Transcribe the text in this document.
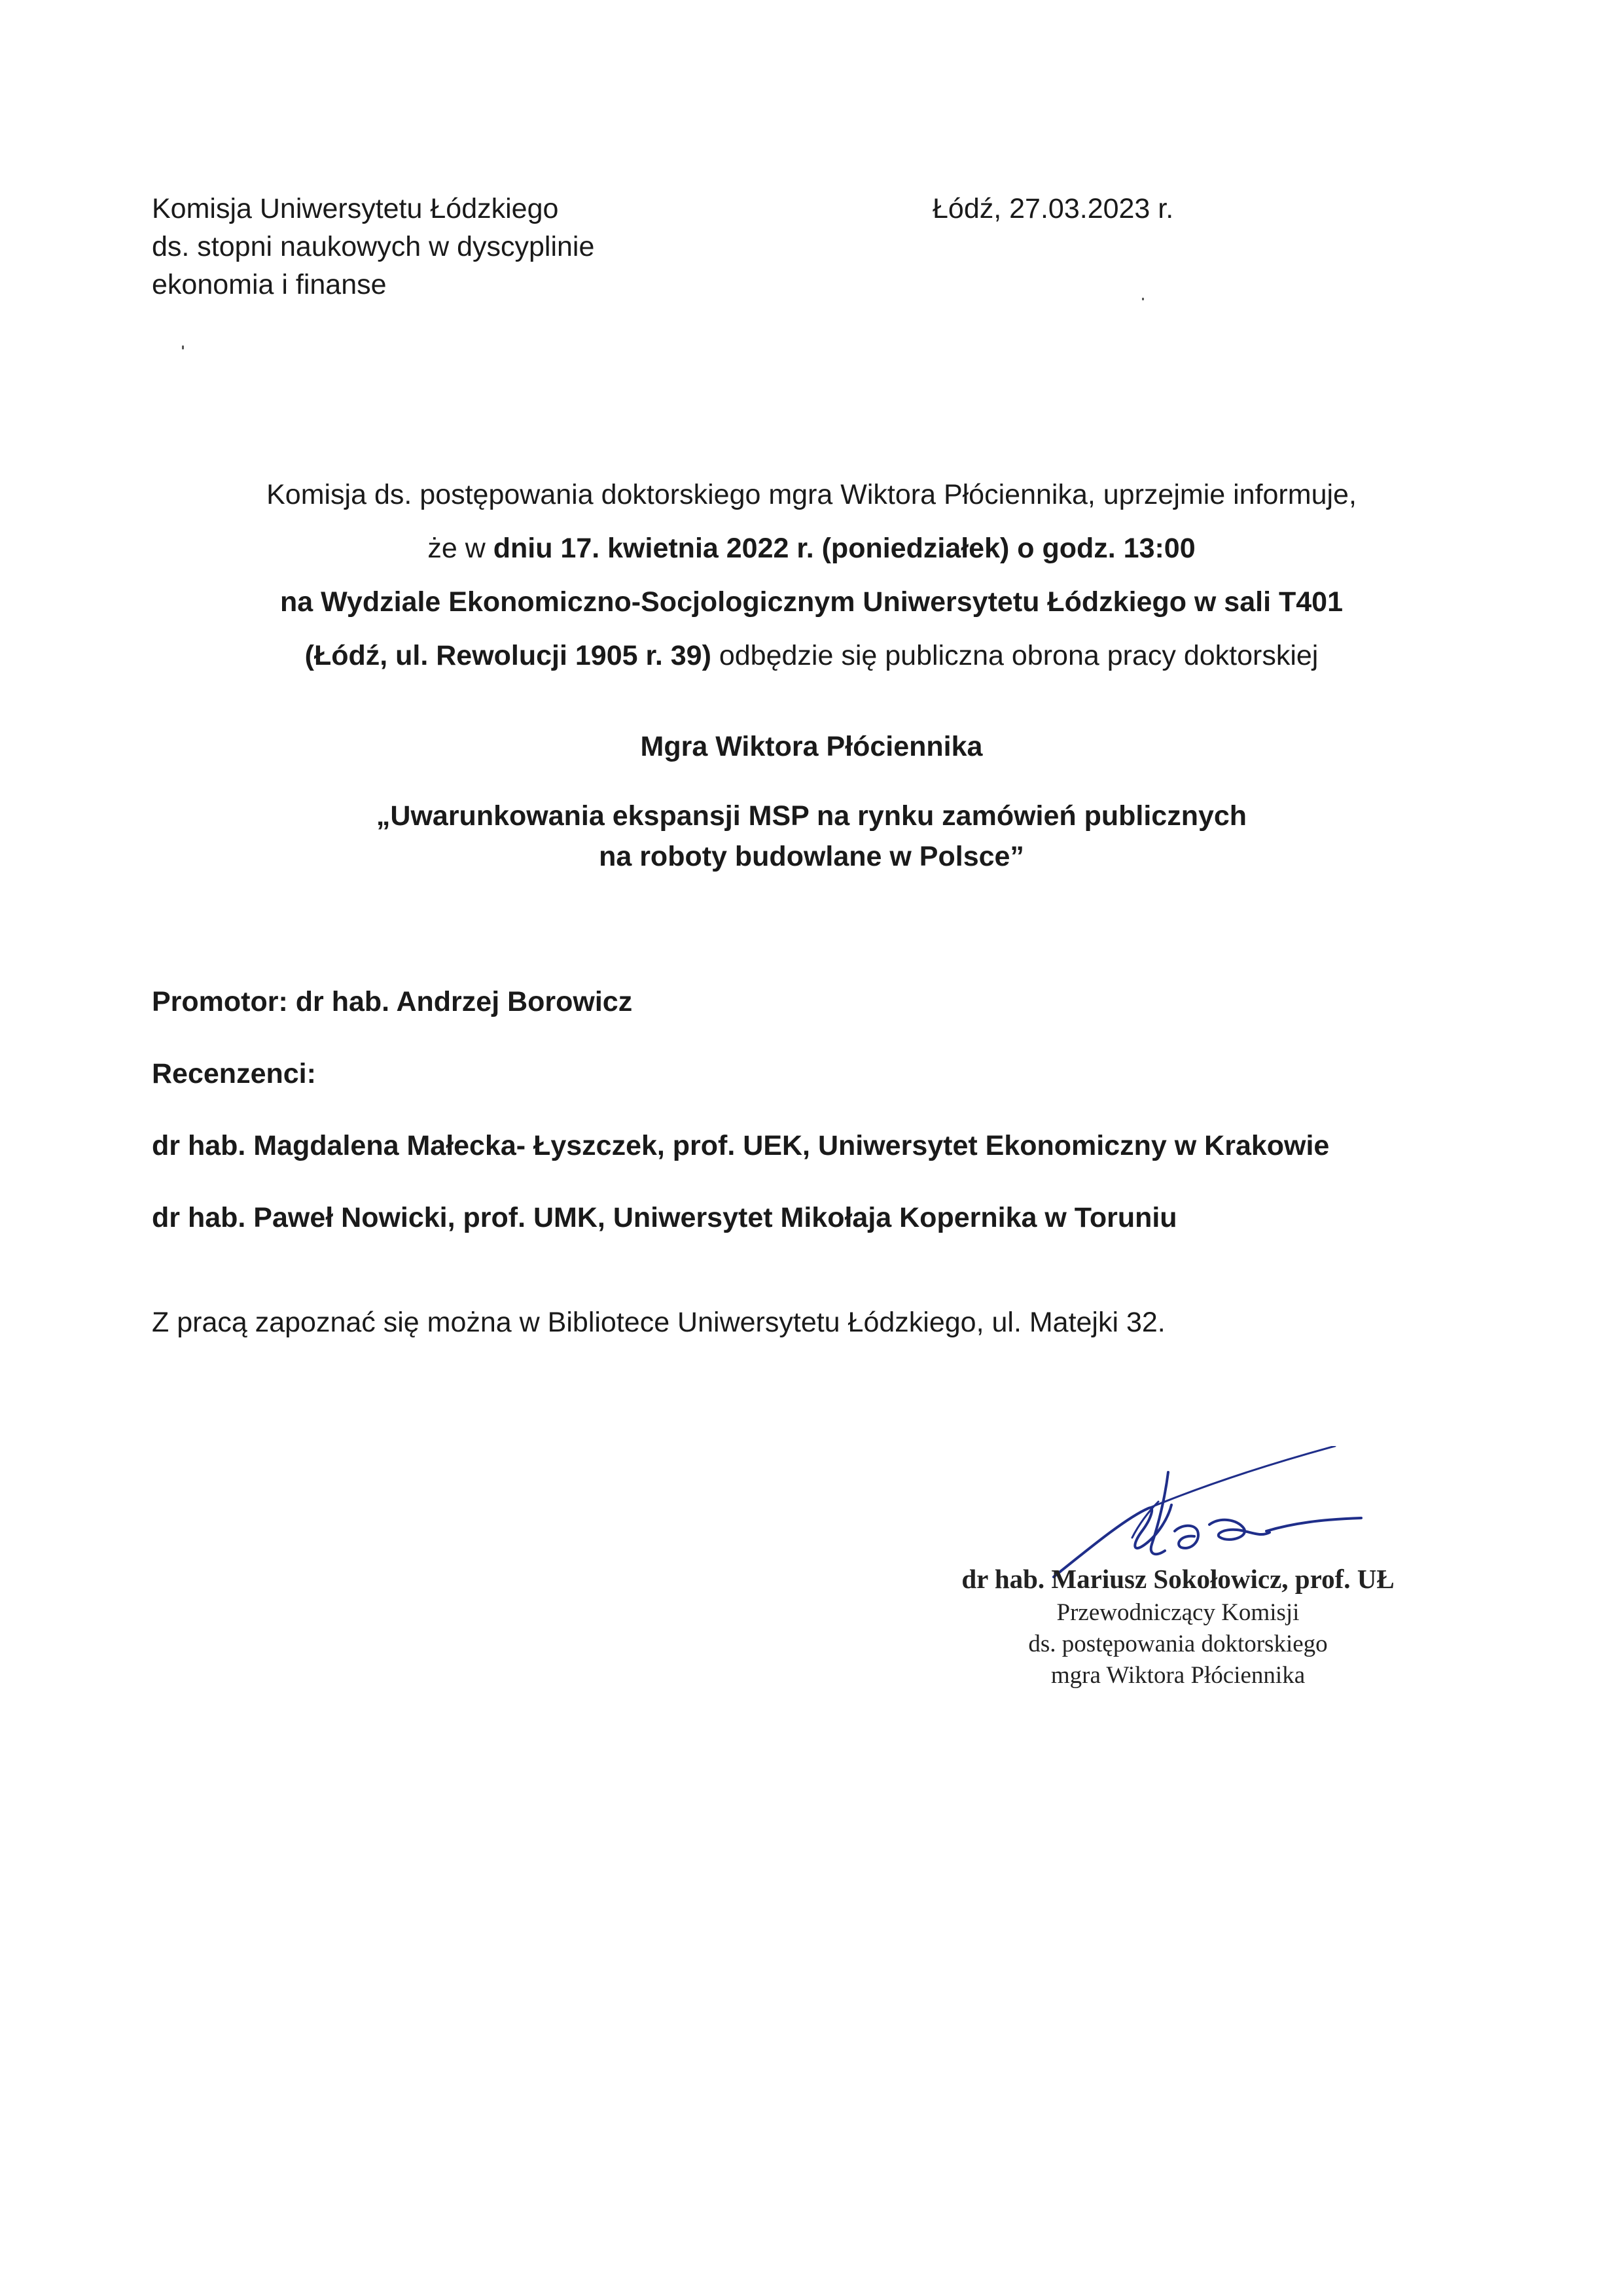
Komisja Uniwersytetu Łódzkiego
ds. stopni naukowych w dyscyplinie
ekonomia i finanse
Łódź, 27.03.2023 r.
Komisja ds. postępowania doktorskiego mgra Wiktora Płóciennika, uprzejmie informuje,
że w dniu 17. kwietnia 2022 r. (poniedziałek) o godz. 13:00
na Wydziale Ekonomiczno-Socjologicznym Uniwersytetu Łódzkiego w sali T401
(Łódź, ul. Rewolucji 1905 r. 39) odbędzie się publiczna obrona pracy doktorskiej
Mgra Wiktora Płóciennika
„Uwarunkowania ekspansji MSP na rynku zamówień publicznych
na roboty budowlane w Polsce”
Promotor: dr hab. Andrzej Borowicz
Recenzenci:
dr hab. Magdalena Małecka- Łyszczek, prof. UEK, Uniwersytet Ekonomiczny w Krakowie
dr hab. Paweł Nowicki, prof. UMK, Uniwersytet Mikołaja Kopernika w Toruniu
Z pracą zapoznać się można w Bibliotece Uniwersytetu Łódzkiego, ul. Matejki 32.
dr hab. Mariusz Sokołowicz, prof. UŁ
Przewodniczący Komisji
ds. postępowania doktorskiego
mgra Wiktora Płóciennika
